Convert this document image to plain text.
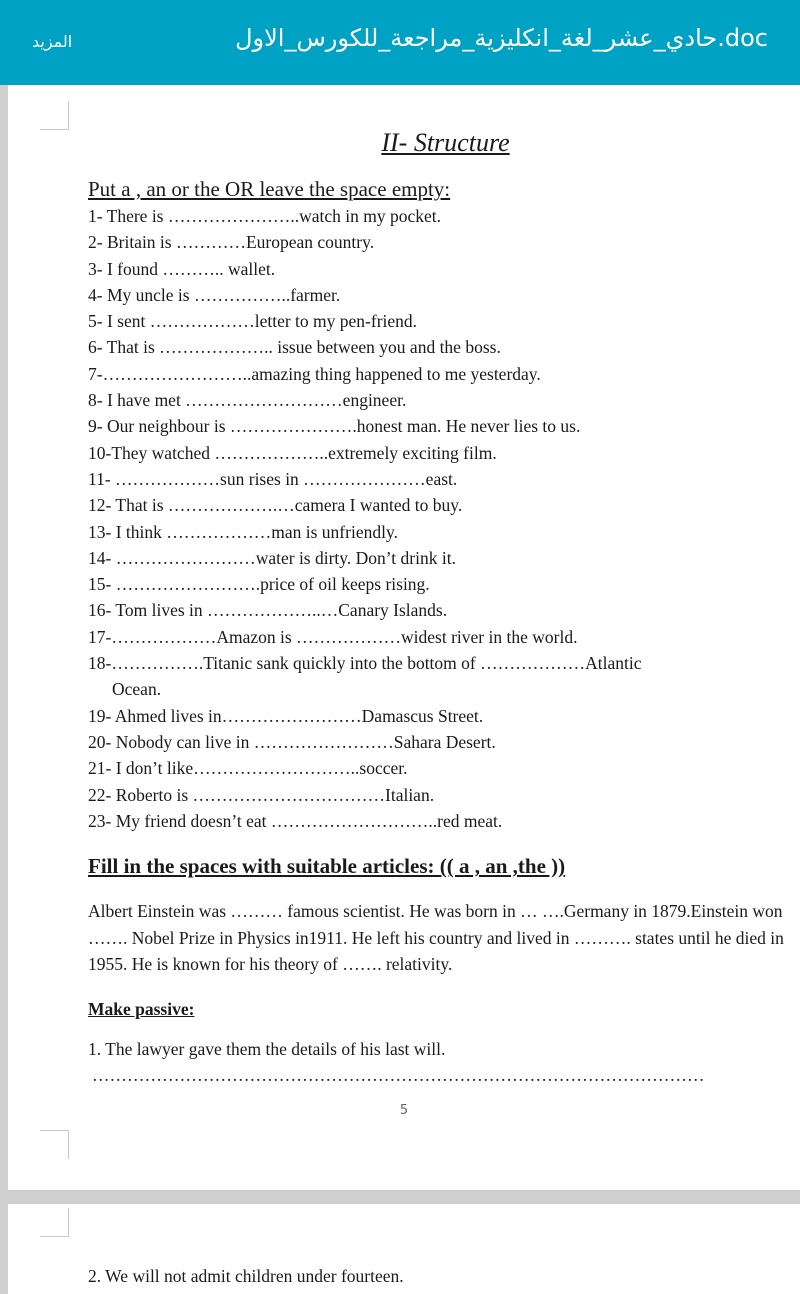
حادي_عشر_لغة_انكليزية_مراجعة_للكورس_الاول.doc
المزيد
II- Structure
Put a , an or the OR leave the space empty:
1- There is …………………..watch in my pocket.
2- Britain is …………European country.
3- I found ……….. wallet.
4- My uncle is ……………..farmer.
5- I sent ………………letter to my pen-friend.
6- That is ……………….. issue between you and the boss.
7-……………………..amazing thing happened to me yesterday.
8- I have met ………………………engineer.
9- Our neighbour is ………………….honest man. He never lies to us.
10-They watched ………………..extremely exciting film.
11- ………………sun rises in …………………east.
12- That is ……………….…camera I wanted to buy.
13- I think ………………man is unfriendly.
14- ……………………water is dirty. Don’t drink it.
15- …………………….price of oil keeps rising.
16- Tom lives in ………………..…Canary Islands.
17-………………Amazon is ………………widest river in the world.
18-…………….Titanic sank quickly into the bottom of ………………Atlantic
Ocean.
19- Ahmed lives in……………………Damascus Street.
20- Nobody can live in ……………………Sahara Desert.
21- I don’t like………………………..soccer.
22- Roberto is ……………………………Italian.
23- My friend doesn’t eat ………………………..red meat.
Fill in the spaces with suitable articles: (( a , an ,the ))
Albert Einstein was ……… famous scientist. He was born in … ….Germany in 1879.Einstein won ……. Nobel Prize in Physics in1911. He left his country and lived in ………. states until he died in 1955. He is known for his theory of ……. relativity.
Make passive:
1. The lawyer gave them the details of his last will.
……………………………………………………………………………………………
5
2. We will not admit children under fourteen.
